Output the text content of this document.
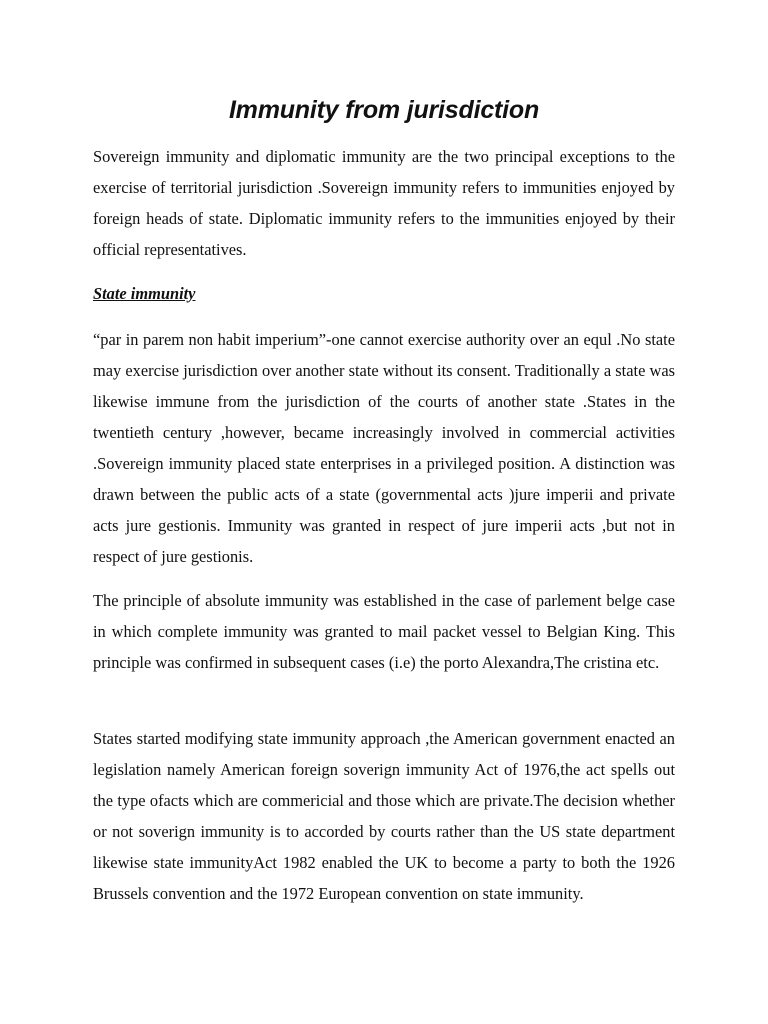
Immunity from jurisdiction

Sovereign immunity and diplomatic immunity are the two principal exceptions to the exercise of territorial jurisdiction .Sovereign immunity refers to immunities enjoyed by foreign heads of state. Diplomatic immunity refers to the immunities enjoyed by their official representatives.

State immunity

“par in parem non habit imperium”-one cannot exercise authority over an equl .No state may exercise jurisdiction over another state without its consent. Traditionally a state was likewise immune from the jurisdiction of the courts of another state .States in the twentieth century ,however, became increasingly involved in commercial activities .Sovereign immunity placed state enterprises in a privileged position. A distinction was drawn between the public acts of a state (governmental acts )jure imperii and private acts jure gestionis. Immunity was granted in respect of jure imperii acts ,but not in respect of jure gestionis.

The principle of absolute immunity was established in the case of parlement belge case in which complete immunity was granted to mail packet vessel to Belgian King. This principle was confirmed in subsequent cases (i.e) the porto Alexandra,The cristina etc.

States started modifying state immunity approach ,the American government enacted an legislation namely American foreign soverign immunity Act of 1976,the act spells out the type ofacts which are commericial and those which are private.The decision whether or not soverign immunity is to accorded by courts rather than the US state department likewise state immunityAct 1982 enabled the UK to become a party to both the 1926 Brussels convention and the 1972 European convention on state immunity.
